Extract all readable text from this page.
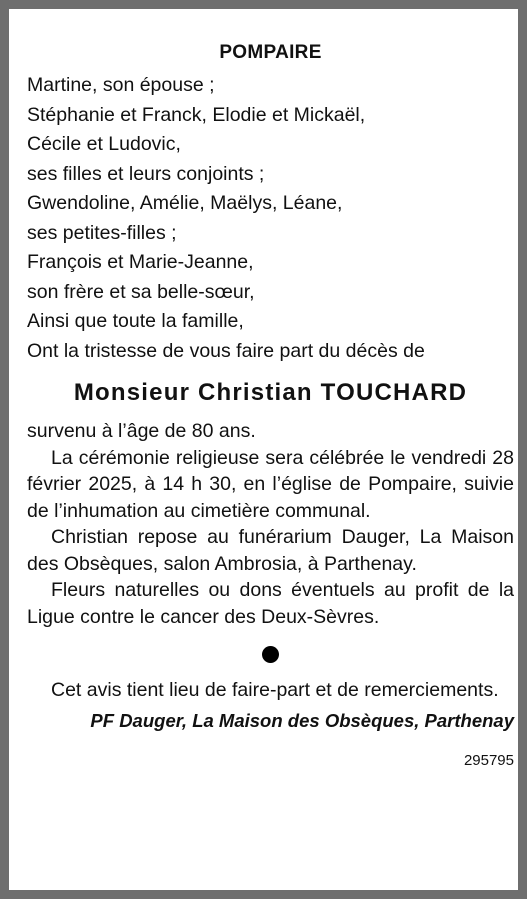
POMPAIRE
Martine, son épouse ;
Stéphanie et Franck, Elodie et Mickaël,
Cécile et Ludovic,
ses filles et leurs conjoints ;
Gwendoline, Amélie, Maëlys, Léane,
ses petites-filles ;
François et Marie-Jeanne,
son frère et sa belle-sœur,
Ainsi que toute la famille,
Ont la tristesse de vous faire part du décès de
Monsieur Christian TOUCHARD
survenu à l’âge de 80 ans.
La cérémonie religieuse sera célébrée le vendredi 28 février 2025, à 14 h 30, en l’église de Pompaire, suivie de l’inhumation au cimetière communal.
Christian repose au funérarium Dauger, La Maison des Obsèques, salon Ambrosia, à Parthenay.
Fleurs naturelles ou dons éventuels au profit de la Ligue contre le cancer des Deux-Sèvres.
Cet avis tient lieu de faire-part et de remerciements.
PF Dauger, La Maison des Obsèques, Parthenay
295795
